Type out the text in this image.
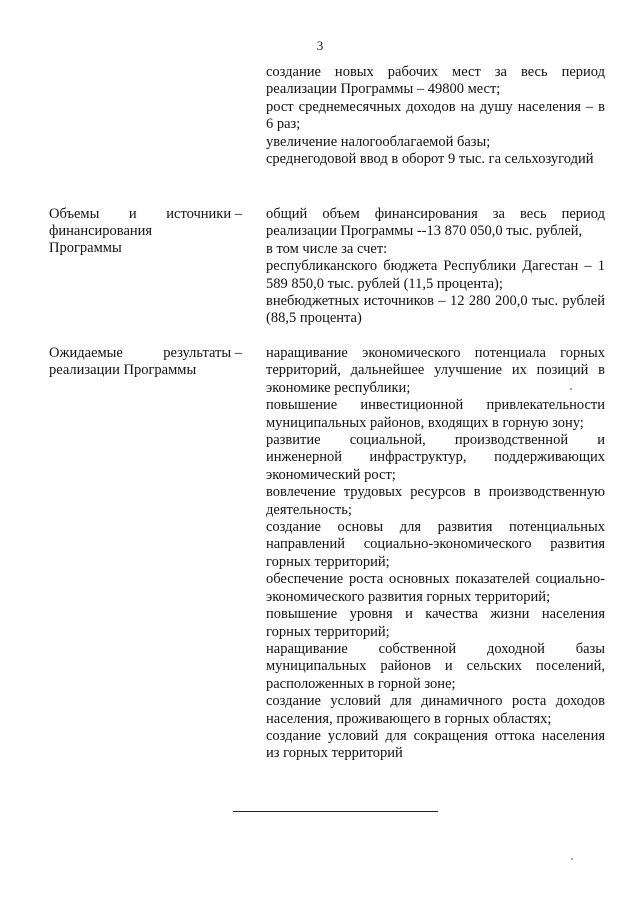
3

создание новых рабочих мест за весь период реализации Программы – 49800 мест;

рост среднемесячных доходов на душу населения – в 6 раз;

увеличение налогооблагаемой базы;

среднегодовой ввод в оборот 9 тыс. га сельхозугодий

Объемы и источники –
финансирования
Программы

общий объем финансирования за весь период реализации Программы --13 870 050,0 тыс. рублей,

в том числе за счет:

республиканского бюджета Республики Дагестан – 1 589 850,0 тыс. рублей (11,5 процента);

внебюджетных источников – 12 280 200,0 тыс. рублей (88,5 процента)

Ожидаемые	результаты –
реализации Программы

наращивание экономического потенциала горных территорий, дальнейшее улучшение их позиций в экономике республики;

повышение инвестиционной привлекательности муниципальных районов, входящих в горную зону;

развитие социальной, производственной и инженерной инфраструктур, поддерживающих экономический рост;

вовлечение трудовых ресурсов в производственную деятельность;

создание основы для развития потенциальных направлений социально-экономического развития горных территорий;

обеспечение роста основных показателей социально-экономического развития горных территорий;

повышение уровня и качества жизни населения горных территорий;

наращивание собственной доходной базы муниципальных районов и сельских поселений, расположенных в горной зоне;

создание условий для динамичного роста доходов населения, проживающего в горных областях;

создание условий для сокращения оттока населения из горных территорий
